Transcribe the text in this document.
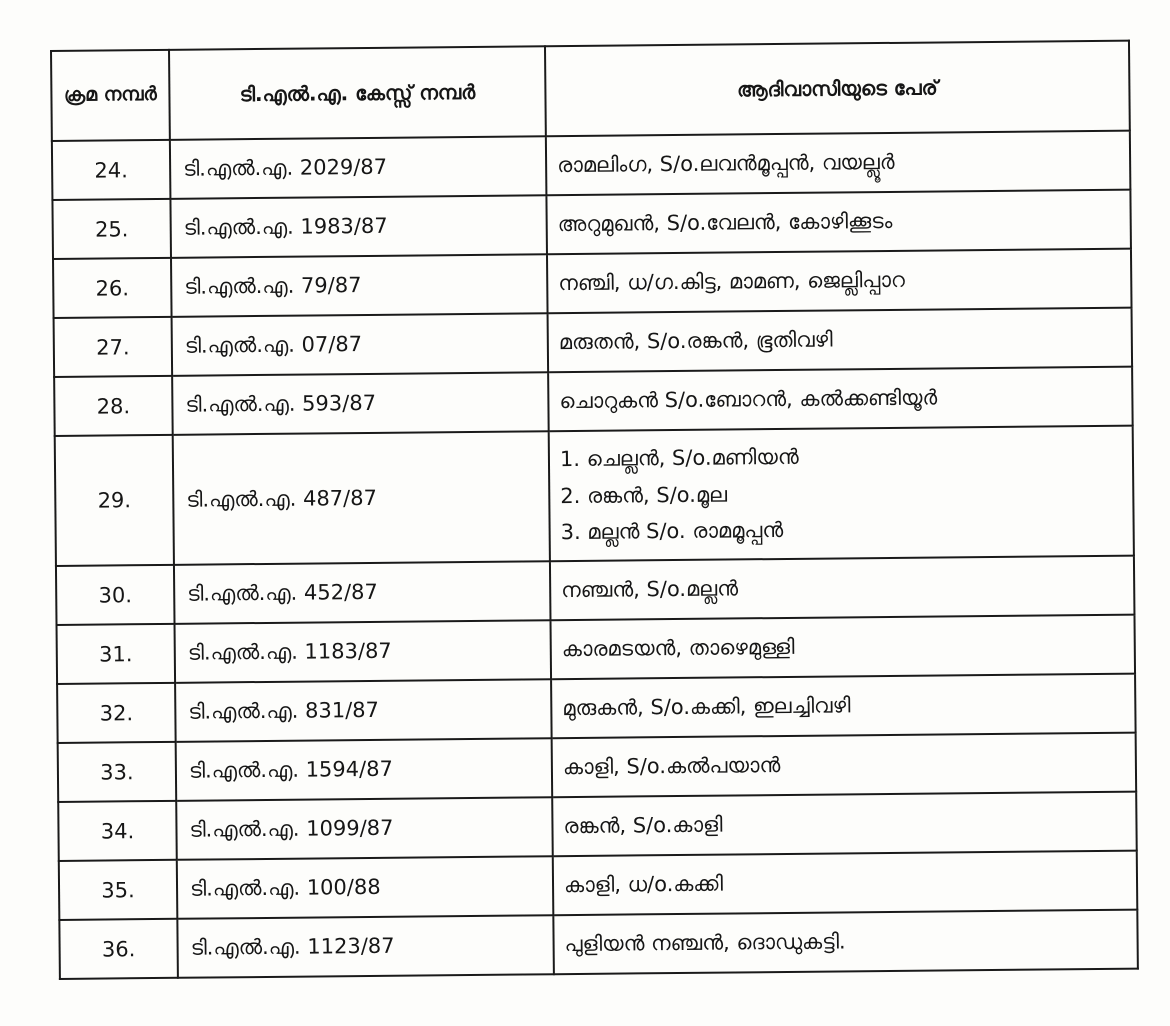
ക്രമ നമ്പർ	ടി.എൽ.എ. കേസ്സ് നമ്പർ	ആദിവാസിയുടെ പേര്
24.	ടി.എൽ.എ. 2029/87	രാമലിംഗ, S/o.ലവൻമൂപ്പൻ, വയല്ലൂർ

25.	ടി.എൽ.എ. 1983/87	അറുമുഖൻ, S/o.വേലൻ, കോഴിക്കൂടം

26.	ടി.എൽ.എ. 79/87	നഞ്ചി, ധ/ഗ.കിട്ട, മാമണ, ജെല്ലിപ്പാറ

27.	ടി.എൽ.എ. 07/87	മരുതൻ, S/o.രങ്കൻ, ഭൂതിവഴി

28.	ടി.എൽ.എ. 593/87	ചൊറുകൻ S/o.ബോറൻ, കൽക്കണ്ടിയൂർ

29.	ടി.എൽ.എ. 487/87	1. ചെല്ലൻ, S/o.മണിയൻ
2. രങ്കൻ, S/o.മൂല
3. മല്ലൻ S/o. രാമമൂപ്പൻ

30.	ടി.എൽ.എ. 452/87	നഞ്ചൻ, S/o.മല്ലൻ

31.	ടി.എൽ.എ. 1183/87	കാരമടയൻ, താഴെമുള്ളി

32.	ടി.എൽ.എ. 831/87	മുരുകൻ, S/o.കക്കി, ഇലച്ചിവഴി

33.	ടി.എൽ.എ. 1594/87	കാളി, S/o.കൽപയാൻ

34.	ടി.എൽ.എ. 1099/87	രങ്കൻ, S/o.കാളി

35.	ടി.എൽ.എ. 100/88	കാളി, ധ/o.കക്കി

36.	ടി.എൽ.എ. 1123/87	പുളിയൻ നഞ്ചൻ, ദൊഡുകട്ടി.
